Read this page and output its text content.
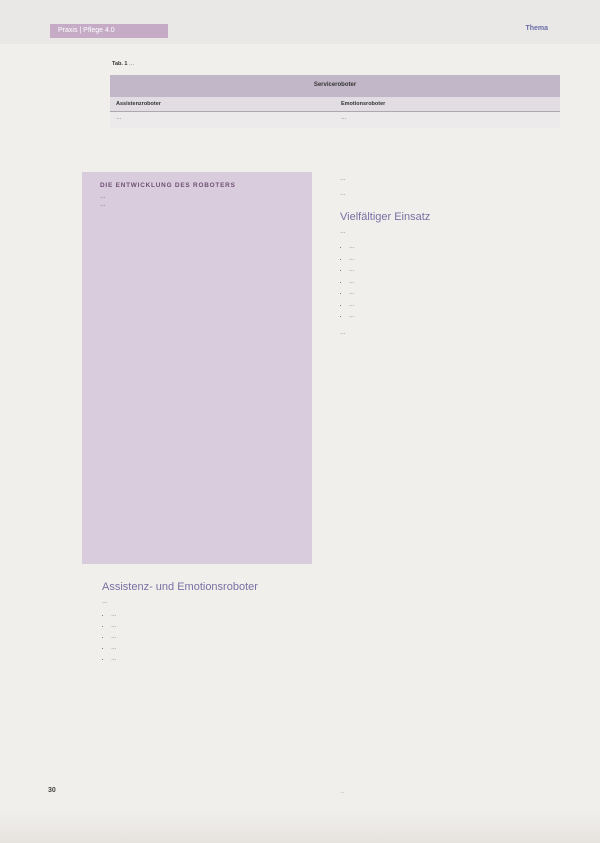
Praxis | Pflege 4.0	Thema
Tab. 1 …
Serviceroboter	
Assistenzroboter	Emotionsroboter
…	…
DIE ENTWICKLUNG DES ROBOTERS

…

…

…

…

Vielfältiger Einsatz

…

• …
• …
• …
• …
• …
• …
• …

…

Assistenz- und Emotionsroboter

…

• …
• …
• …
• …
• …
30	…
